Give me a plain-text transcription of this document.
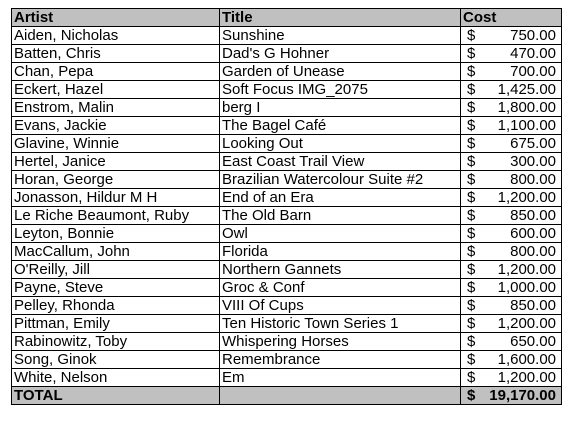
Artist	Title	Cost
Aiden, Nicholas	Sunshine	$ 750.00

Batten, Chris	Dad's G Hohner	$ 470.00

Chan, Pepa	Garden of Unease	$ 700.00

Eckert, Hazel	Soft Focus IMG_2075	$ 1,425.00

Enstrom, Malin	berg I	$ 1,800.00

Evans, Jackie	The Bagel Café	$ 1,100.00

Glavine, Winnie	Looking Out	$ 675.00

Hertel, Janice	East Coast Trail View	$ 300.00

Horan, George	Brazilian Watercolour Suite #2	$ 800.00

Jonasson, Hildur M H	End of an Era	$ 1,200.00

Le Riche Beaumont, Ruby	The Old Barn	$ 850.00

Leyton, Bonnie	Owl	$ 600.00

MacCallum, John	Florida	$ 800.00

O'Reilly, Jill	Northern Gannets	$ 1,200.00

Payne, Steve	Groc & Conf	$ 1,000.00

Pelley, Rhonda	VIII Of Cups	$ 850.00

Pittman, Emily	Ten Historic Town Series 1	$ 1,200.00

Rabinowitz, Toby	Whispering Horses	$ 650.00

Song, Ginok	Remembrance	$ 1,600.00

White, Nelson	Em	$ 1,200.00

TOTAL		$ 19,170.00
